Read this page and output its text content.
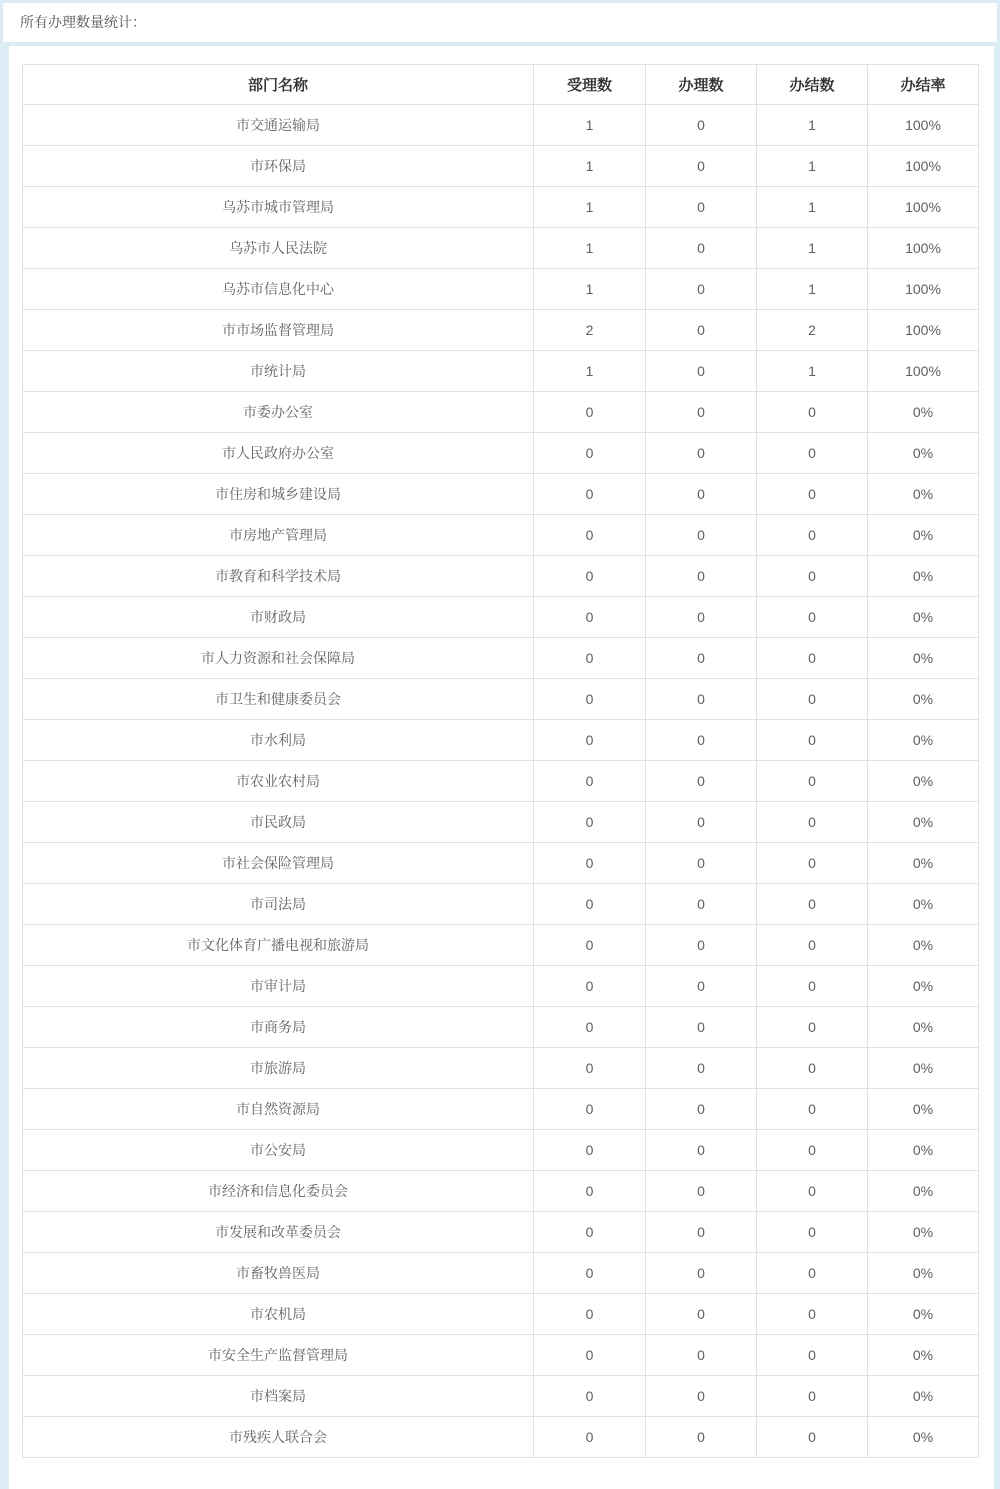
所有办理数量统计：
部门名称	受理数	办理数	办结数	办结率
市交通运输局	1	0	1	100%
市环保局	1	0	1	100%
乌苏市城市管理局	1	0	1	100%
乌苏市人民法院	1	0	1	100%
乌苏市信息化中心	1	0	1	100%
市市场监督管理局	2	0	2	100%
市统计局	1	0	1	100%
市委办公室	0	0	0	0%
市人民政府办公室	0	0	0	0%
市住房和城乡建设局	0	0	0	0%
市房地产管理局	0	0	0	0%
市教育和科学技术局	0	0	0	0%
市财政局	0	0	0	0%
市人力资源和社会保障局	0	0	0	0%
市卫生和健康委员会	0	0	0	0%
市水利局	0	0	0	0%
市农业农村局	0	0	0	0%
市民政局	0	0	0	0%
市社会保险管理局	0	0	0	0%
市司法局	0	0	0	0%
市文化体育广播电视和旅游局	0	0	0	0%
市审计局	0	0	0	0%
市商务局	0	0	0	0%
市旅游局	0	0	0	0%
市自然资源局	0	0	0	0%
市公安局	0	0	0	0%
市经济和信息化委员会	0	0	0	0%
市发展和改革委员会	0	0	0	0%
市畜牧兽医局	0	0	0	0%
市农机局	0	0	0	0%
市安全生产监督管理局	0	0	0	0%
市档案局	0	0	0	0%
市残疾人联合会	0	0	0	0%
